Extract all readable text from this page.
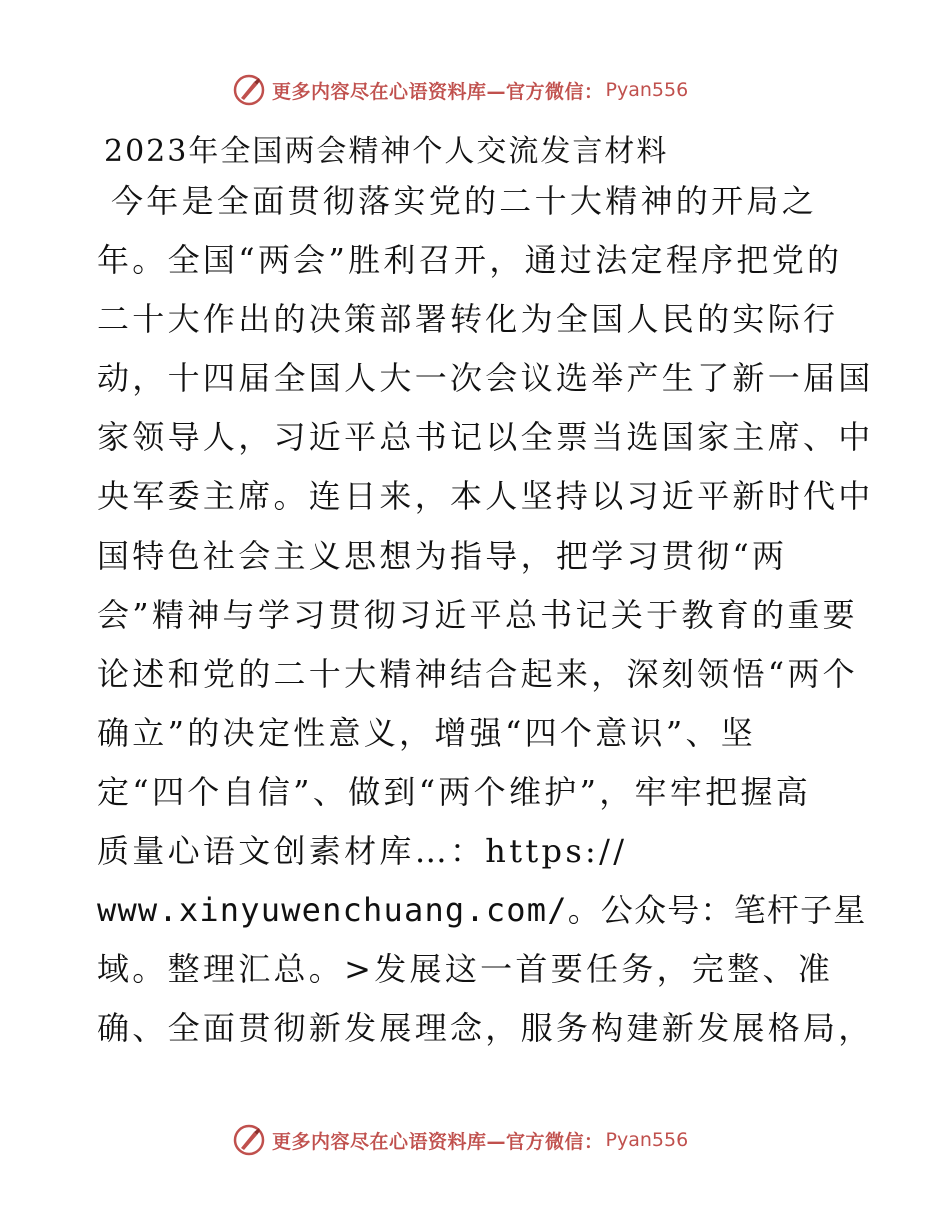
更多内容尽在心语资料库—官方微信： Pyan556
2023年全国两会精神个人交流发言材料
今年是全面贯彻落实党的二十大精神的开局之
年。全国“两会”胜利召开，通过法定程序把党的
二十大作出的决策部署转化为全国人民的实际行
动，十四届全国人大一次会议选举产生了新一届国
家领导人，习近平总书记以全票当选国家主席、中
央军委主席。连日来，本人坚持以习近平新时代中
国特色社会主义思想为指导，把学习贯彻“两
会”精神与学习贯彻习近平总书记关于教育的重要
论述和党的二十大精神结合起来，深刻领悟“两个
确立”的决定性意义，增强“四个意识”、坚
定“四个自信”、做到“两个维护”，牢牢把握高
质量心语文创素材库…：https://
www.xinyuwenchuang.com/。公众号：笔杆子星
域。整理汇总。>发展这一首要任务，完整、准
确、全面贯彻新发展理念，服务构建新发展格局，
更多内容尽在心语资料库—官方微信： Pyan556
